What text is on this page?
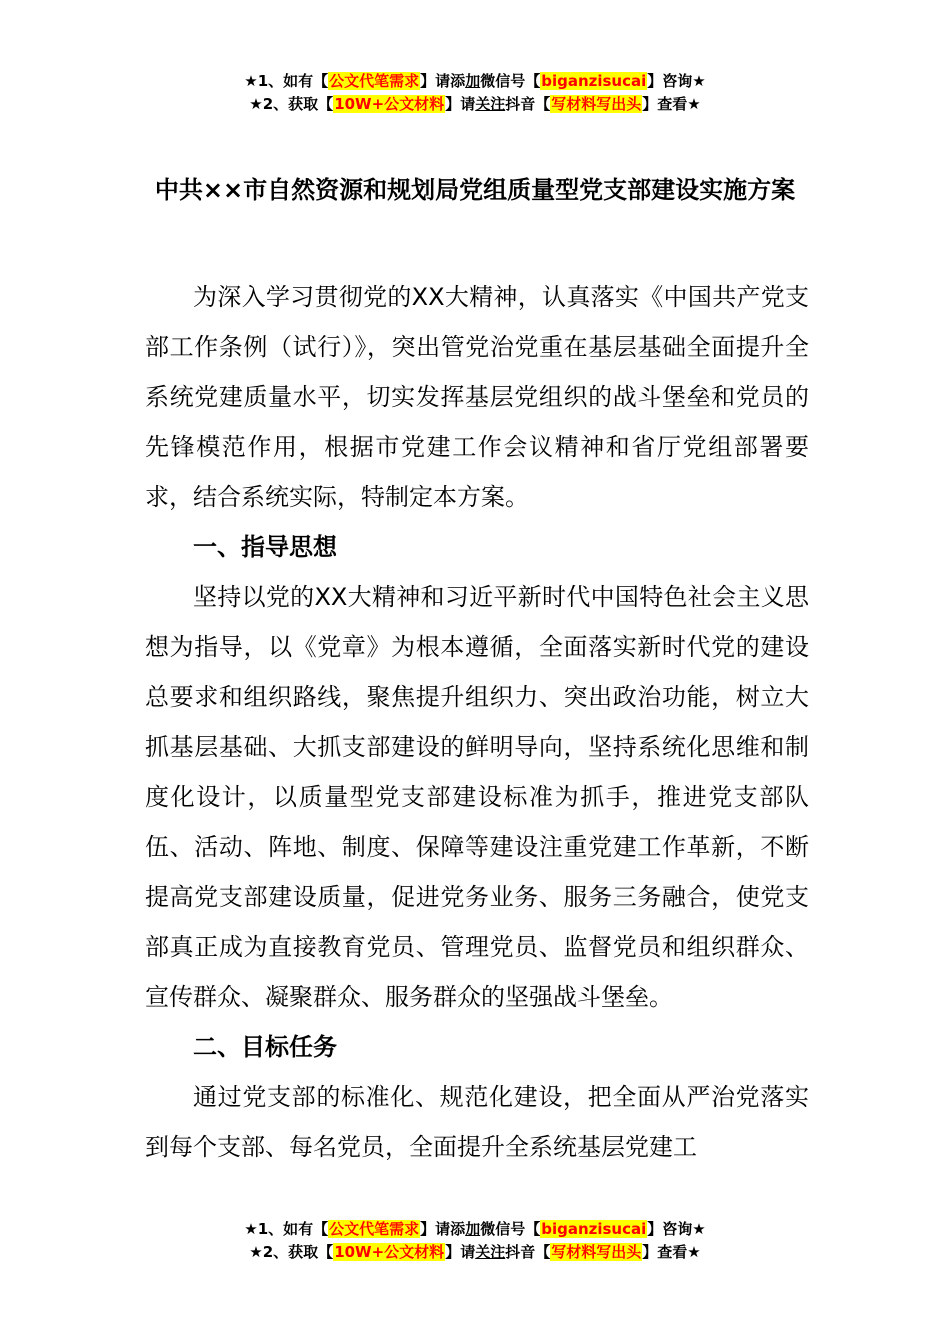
★1、如有【公文代笔需求】请添加微信号【biganzisucai】咨询★
★2、获取【10W+公文材料】请关注抖音【写材料写出头】查看★
中共××市自然资源和规划局党组质量型党支部建设实施方案

为深入学习贯彻党的XX大精神，认真落实《中国共产党支部工作条例（试行）》，突出管党治党重在基层基础全面提升全系统党建质量水平，切实发挥基层党组织的战斗堡垒和党员的先锋模范作用，根据市党建工作会议精神和省厅党组部署要求，结合系统实际，特制定本方案。

一、指导思想

坚持以党的XX大精神和习近平新时代中国特色社会主义思想为指导，以《党章》为根本遵循，全面落实新时代党的建设总要求和组织路线，聚焦提升组织力、突出政治功能，树立大抓基层基础、大抓支部建设的鲜明导向，坚持系统化思维和制度化设计，以质量型党支部建设标准为抓手，推进党支部队伍、活动、阵地、制度、保障等建设注重党建工作革新，不断提高党支部建设质量，促进党务业务、服务三务融合，使党支部真正成为直接教育党员、管理党员、监督党员和组织群众、宣传群众、凝聚群众、服务群众的坚强战斗堡垒。

二、目标任务

通过党支部的标准化、规范化建设，把全面从严治党落实到每个支部、每名党员，全面提升全系统基层党建工

★1、如有【公文代笔需求】请添加微信号【biganzisucai】咨询★
★2、获取【10W+公文材料】请关注抖音【写材料写出头】查看★
